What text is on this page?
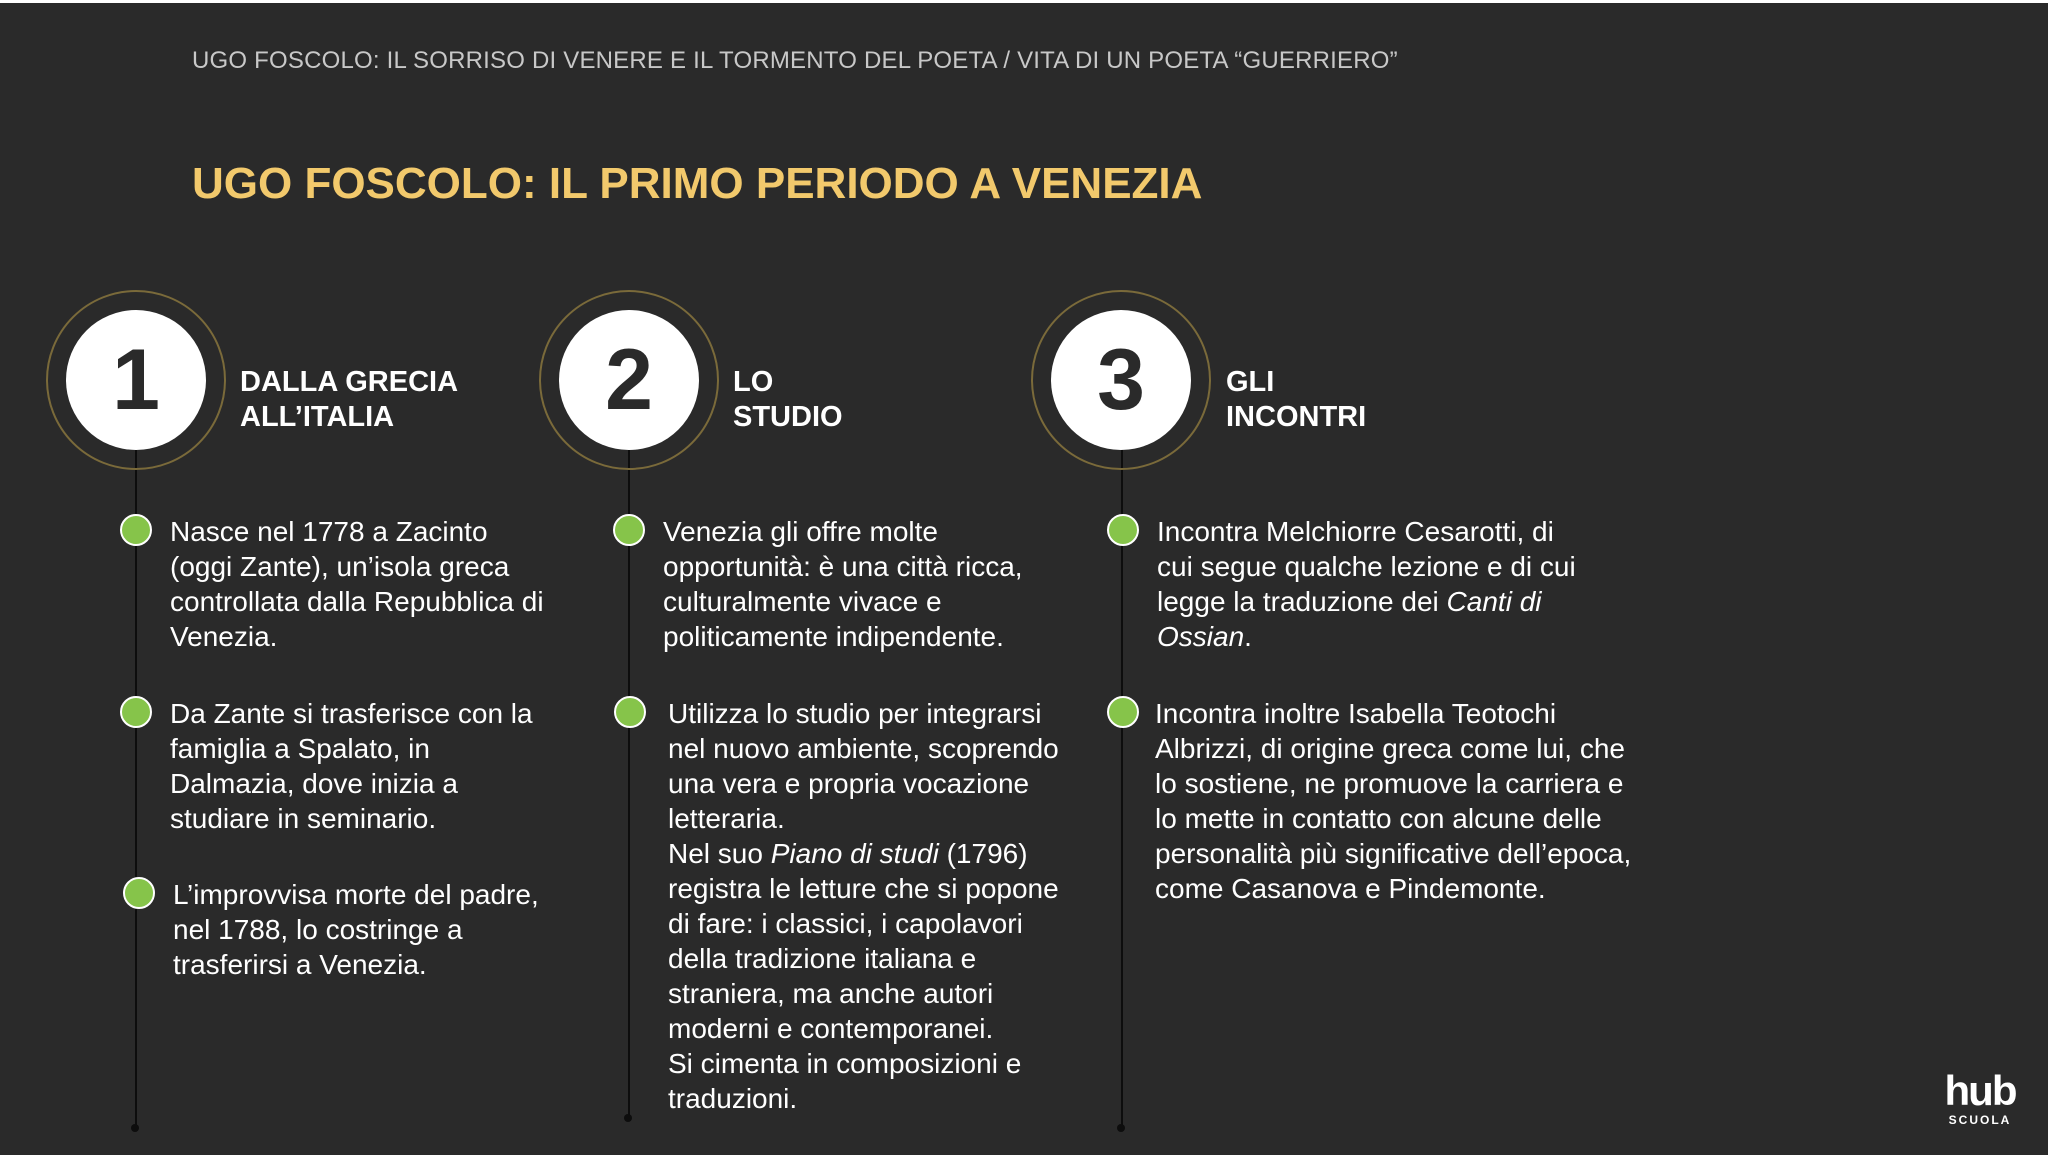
UGO FOSCOLO: IL SORRISO DI VENERE E IL TORMENTO DEL POETA / VITA DI UN POETA “GUERRIERO”
UGO FOSCOLO: IL PRIMO PERIODO A VENEZIA
1	DALLA GRECIA
ALL’ITALIA
Nasce nel 1778 a Zacinto
(oggi Zante), un’isola greca
controllata dalla Repubblica di
Venezia.
Da Zante si trasferisce con la
famiglia a Spalato, in
Dalmazia, dove inizia a
studiare in seminario.
L’improvvisa morte del padre,
nel 1788, lo costringe a
trasferirsi a Venezia.
2	LO
STUDIO
Venezia gli offre molte
opportunità: è una città ricca,
culturalmente vivace e
politicamente indipendente.
Utilizza lo studio per integrarsi
nel nuovo ambiente, scoprendo
una vera e propria vocazione
letteraria.
Nel suo Piano di studi (1796)
registra le letture che si popone
di fare: i classici, i capolavori
della tradizione italiana e
straniera, ma anche autori
moderni e contemporanei.
Si cimenta in composizioni e
traduzioni.
3	GLI
INCONTRI
Incontra Melchiorre Cesarotti, di
cui segue qualche lezione e di cui
legge la traduzione dei Canti di
Ossian.
Incontra inoltre Isabella Teotochi
Albrizzi, di origine greca come lui, che
lo sostiene, ne promuove la carriera e
lo mette in contatto con alcune delle
personalità più significative dell’epoca,
come Casanova e Pindemonte.
hub
SCUOLA
